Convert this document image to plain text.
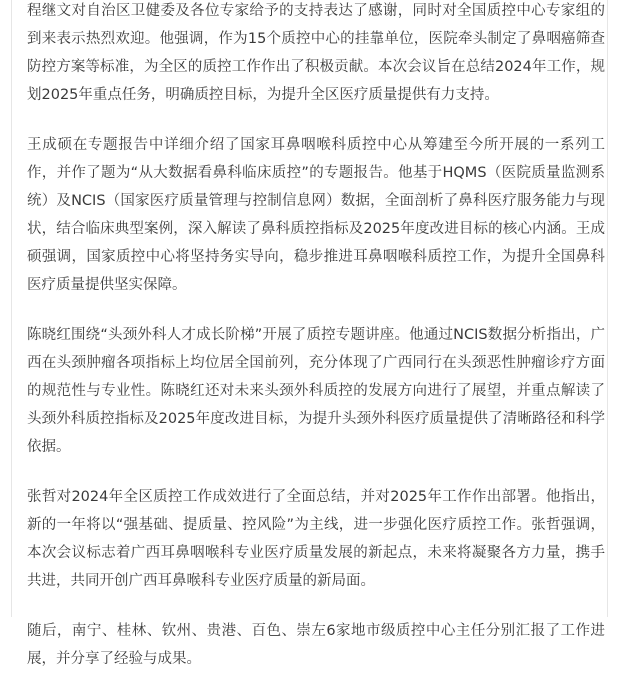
程继文对自治区卫健委及各位专家给予的支持表达了感谢，同时对全国质控中心专家组的到来表示热烈欢迎。他强调，作为15个质控中心的挂靠单位，医院牵头制定了鼻咽癌筛查防控方案等标准，为全区的质控工作作出了积极贡献。本次会议旨在总结2024年工作，规划2025年重点任务，明确质控目标，为提升全区医疗质量提供有力支持。

王成硕在专题报告中详细介绍了国家耳鼻咽喉科质控中心从筹建至今所开展的一系列工作，并作了题为“从大数据看鼻科临床质控”的专题报告。他基于HQMS（医院质量监测系统）及NCIS（国家医疗质量管理与控制信息网）数据，全面剖析了鼻科医疗服务能力与现状，结合临床典型案例，深入解读了鼻科质控指标及2025年度改进目标的核心内涵。王成硕强调，国家质控中心将坚持务实导向，稳步推进耳鼻咽喉科质控工作，为提升全国鼻科医疗质量提供坚实保障。

陈晓红围绕“头颈外科人才成长阶梯”开展了质控专题讲座。他通过NCIS数据分析指出，广西在头颈肿瘤各项指标上均位居全国前列，充分体现了广西同行在头颈恶性肿瘤诊疗方面的规范性与专业性。陈晓红还对未来头颈外科质控的发展方向进行了展望，并重点解读了头颈外科质控指标及2025年度改进目标，为提升头颈外科医疗质量提供了清晰路径和科学依据。

张哲对2024年全区质控工作成效进行了全面总结，并对2025年工作作出部署。他指出，新的一年将以“强基础、提质量、控风险”为主线，进一步强化医疗质控工作。张哲强调，本次会议标志着广西耳鼻咽喉科专业医疗质量发展的新起点，未来将凝聚各方力量，携手共进，共同开创广西耳鼻喉科专业医疗质量的新局面。

随后，南宁、桂林、钦州、贵港、百色、崇左6家地市级质控中心主任分别汇报了工作进展，并分享了经验与成果。
